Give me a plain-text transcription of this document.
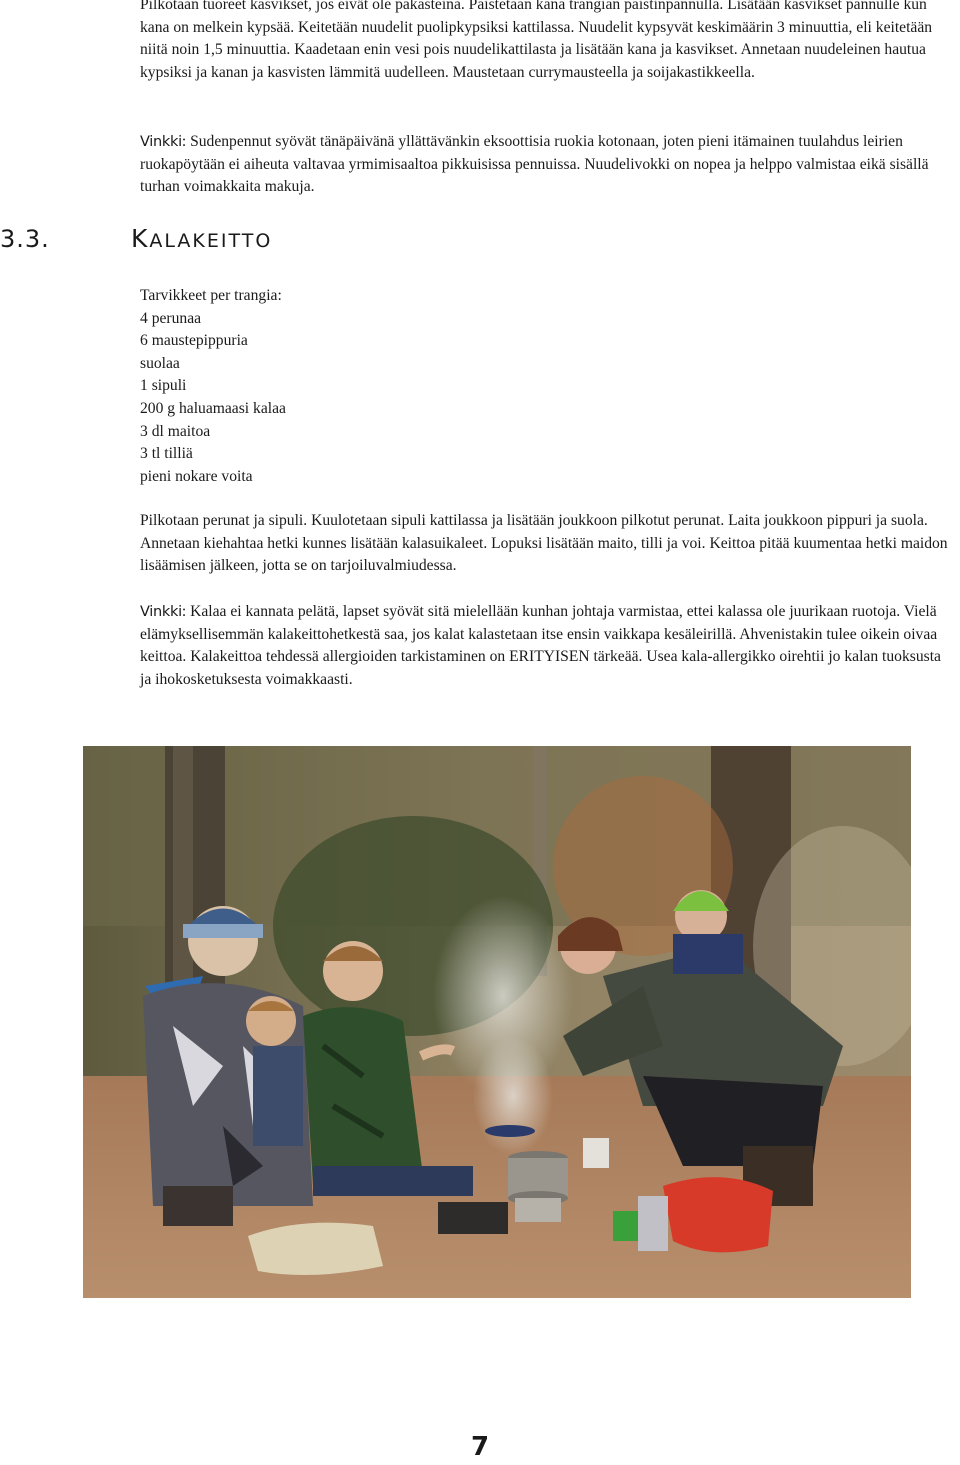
Pilkotaan tuoreet kasvikset, jos eivät ole pakasteina. Paistetaan kana trangian paistinpannulla. Lisätään kasvikset pannulle kun kana on melkein kypsää. Keitetään nuudelit puolipkypsiksi kattilassa. Nuudelit kypsyvät keskimäärin 3 minuuttia, eli keitetään niitä noin 1,5 minuuttia. Kaadetaan enin vesi pois nuudelikattilasta ja lisätään kana ja kasvikset. Annetaan nuudeleinen hautua kypsiksi ja kanan ja kasvisten lämmitä uudelleen. Maustetaan currymausteella ja soijakastikkeella.

Vinkki: Sudenpennut syövät tänäpäivänä yllättävänkin eksoottisia ruokia kotonaan, joten pieni itämainen tuulahdus leirien ruokapöytään ei aiheuta valtavaa yrmimisaaltoa pikkuisissa pennuissa. Nuudelivokki on nopea ja helppo valmistaa eikä sisällä turhan voimakkaita makuja.

3.3.	KALAKEITTO
Tarvikkeet per trangia:
4 perunaa
6 maustepippuria
suolaa
1 sipuli
200 g haluamaasi kalaa
3 dl maitoa
3 tl tilliä
pieni nokare voita

Pilkotaan perunat ja sipuli. Kuulotetaan sipuli kattilassa ja lisätään joukkoon pilkotut perunat. Laita joukkoon pippuri ja suola. Annetaan kiehahtaa hetki kunnes lisätään kalasuikaleet. Lopuksi lisätään maito, tilli ja voi. Keittoa pitää kuumentaa hetki maidon lisäämisen jälkeen, jotta se on tarjoiluvalmiudessa.

Vinkki: Kalaa ei kannata pelätä, lapset syövät sitä mielellään kunhan johtaja varmistaa, ettei kalassa ole juurikaan ruotoja. Vielä elämyksellisemmän kalakeittohetkestä saa, jos kalat kalastetaan itse ensin vaikkapa kesäleirillä. Ahvenistakin tulee oikein oivaa keittoa. Kalakeittoa tehdessä allergioiden tarkistaminen on ERITYISEN tärkeää. Usea kala-allergikko oirehtii jo kalan tuoksusta ja ihokosketuksesta voimakkaasti.

7
